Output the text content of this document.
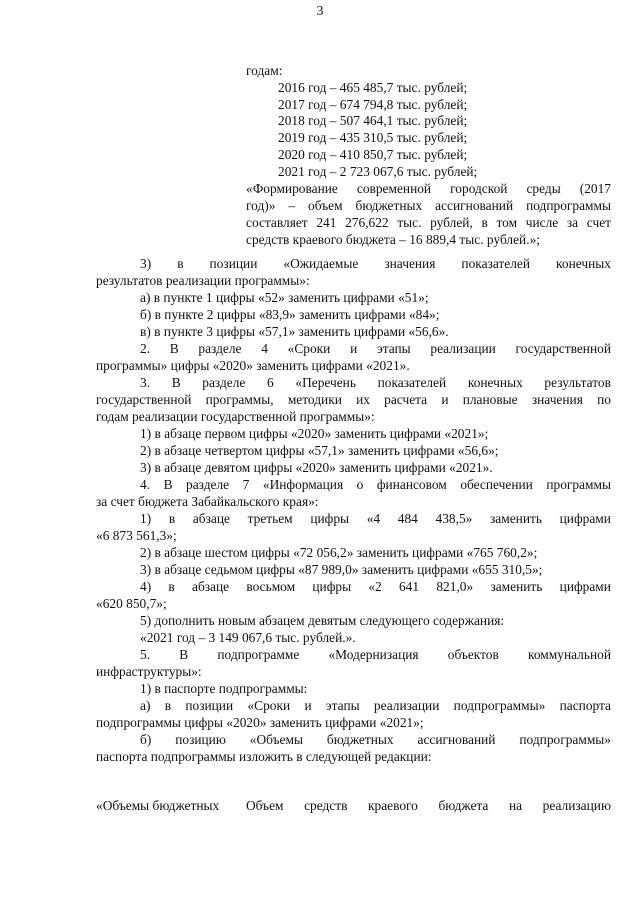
3
годам:
2016 год – 465 485,7 тыс. рублей;
2017 год – 674 794,8 тыс. рублей;
2018 год – 507 464,1 тыс. рублей;
2019 год – 435 310,5 тыс. рублей;
2020 год – 410 850,7 тыс. рублей;
2021 год – 2 723 067,6 тыс. рублей;
«Формирование современной городской среды (2017
год)» – объем бюджетных ассигнований подпрограммы
составляет 241 276,622 тыс. рублей, в том числе за счет
средств краевого бюджета – 16 889,4 тыс. рублей.»;
3) в позиции «Ожидаемые значения показателей конечных
результатов реализации программы»:
а) в пункте 1 цифры «52» заменить цифрами «51»;
б) в пункте 2 цифры «83,9» заменить цифрами «84»;
в) в пункте 3 цифры «57,1» заменить цифрами «56,6».
2. В разделе 4 «Сроки и этапы реализации государственной
программы» цифры «2020» заменить цифрами «2021».
3. В разделе 6 «Перечень показателей конечных результатов
государственной программы, методики их расчета и плановые значения по
годам реализации государственной программы»:
1) в абзаце первом цифры «2020» заменить цифрами «2021»;
2) в абзаце четвертом цифры «57,1» заменить цифрами «56,6»;
3) в абзаце девятом цифры «2020» заменить цифрами «2021».
4. В разделе 7 «Информация о финансовом обеспечении программы
за счет бюджета Забайкальского края»:
1) в абзаце третьем цифры «4 484 438,5» заменить цифрами
«6 873 561,3»;
2) в абзаце шестом цифры «72 056,2» заменить цифрами «765 760,2»;
3) в абзаце седьмом цифры «87 989,0» заменить цифрами «655 310,5»;
4) в абзаце восьмом цифры «2 641 821,0» заменить цифрами
«620 850,7»;
5) дополнить новым абзацем девятым следующего содержания:
«2021 год – 3 149 067,6 тыс. рублей.».
5. В подпрограмме «Модернизация объектов коммунальной
инфраструктуры»:
1) в паспорте подпрограммы:
а) в позиции «Сроки и этапы реализации подпрограммы» паспорта
подпрограммы цифры «2020» заменить цифрами «2021»;
б) позицию «Объемы бюджетных ассигнований подпрограммы»
паспорта подпрограммы изложить в следующей редакции:
«Объемы бюджетных Объем средств краевого бюджета на реализацию
